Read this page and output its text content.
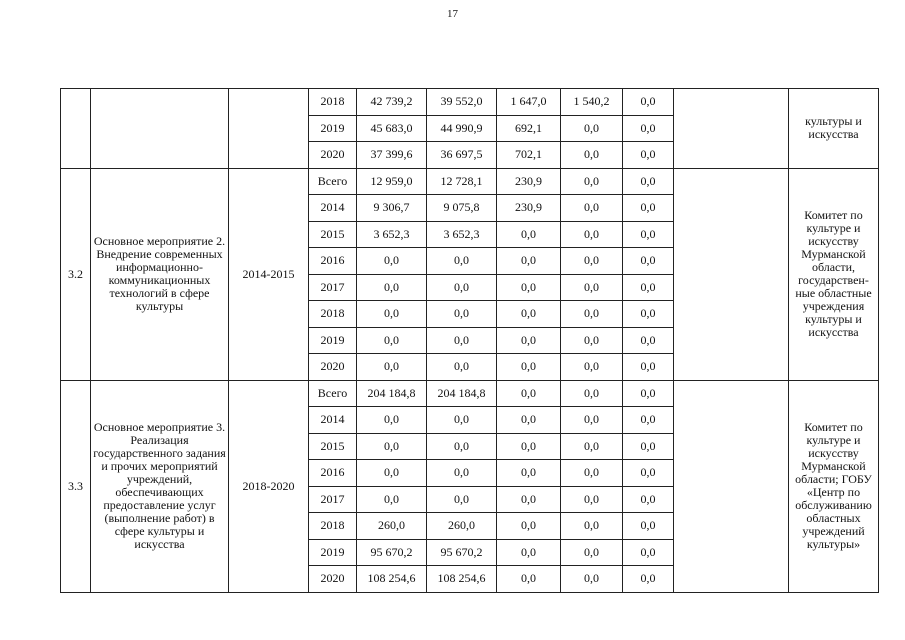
17
			2018	42 739,2	39 552,0	1 647,0	1 540,2	0,0		культуры и искусства
			2019	45 683,0	44 990,9	692,1	0,0	0,0		
			2020	37 399,6	36 697,5	702,1	0,0	0,0		
3.2	Основное мероприятие 2. Внедрение современных информационно-коммуникационных технологий в сфере культуры	2014-2015	Всего	12 959,0	12 728,1	230,9	0,0	0,0		Комитет по культуре и искусству Мурманской области, государствен-ные областные учреждения культуры и искусства
			2014	9 306,7	9 075,8	230,9	0,0	0,0		
			2015	3 652,3	3 652,3	0,0	0,0	0,0		
			2016	0,0	0,0	0,0	0,0	0,0		
			2017	0,0	0,0	0,0	0,0	0,0		
			2018	0,0	0,0	0,0	0,0	0,0		
			2019	0,0	0,0	0,0	0,0	0,0		
			2020	0,0	0,0	0,0	0,0	0,0		
3.3	Основное мероприятие 3. Реализация государственного задания и прочих мероприятий учреждений, обеспечивающих предоставление услуг (выполнение работ) в сфере культуры и искусства	2018-2020	Всего	204 184,8	204 184,8	0,0	0,0	0,0		Комитет по культуре и искусству Мурманской области; ГОБУ «Центр по обслуживанию областных учреждений культуры»
			2014	0,0	0,0	0,0	0,0	0,0		
			2015	0,0	0,0	0,0	0,0	0,0		
			2016	0,0	0,0	0,0	0,0	0,0		
			2017	0,0	0,0	0,0	0,0	0,0		
			2018	260,0	260,0	0,0	0,0	0,0		
			2019	95 670,2	95 670,2	0,0	0,0	0,0		
			2020	108 254,6	108 254,6	0,0	0,0	0,0		
